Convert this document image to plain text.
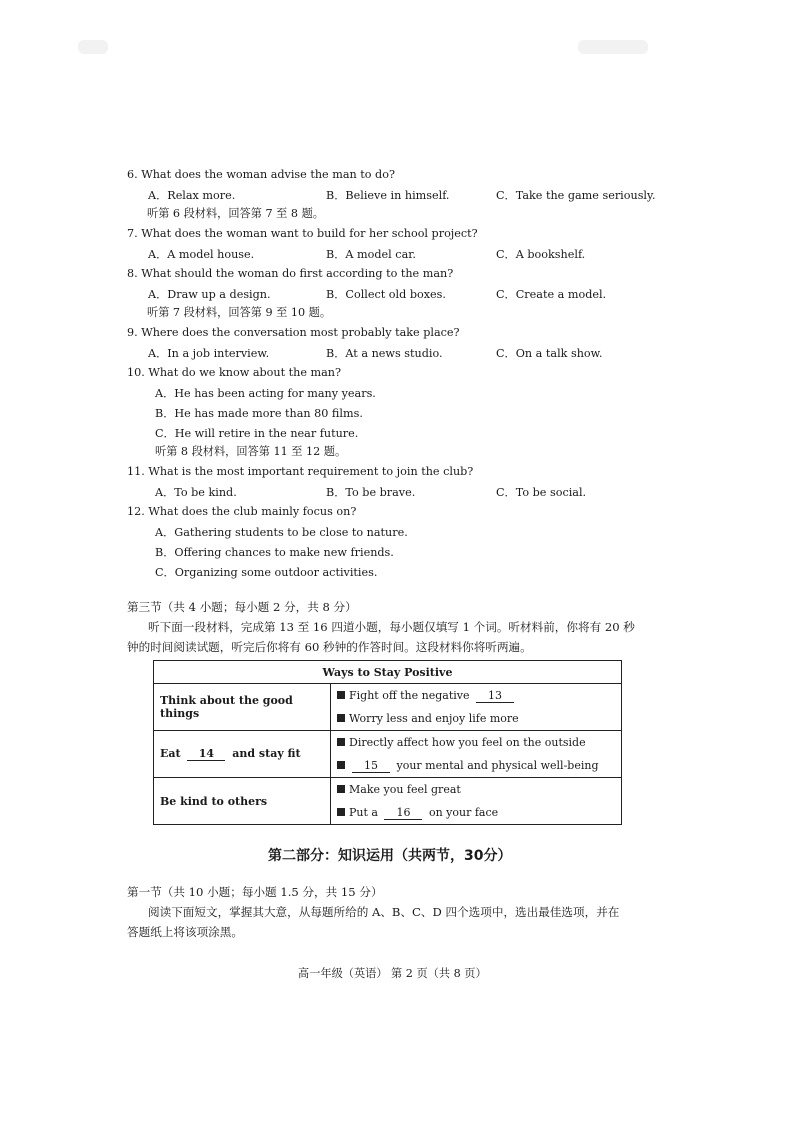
6. What does the woman advise the man to do?
A．Relax more.	B．Believe in himself.	C．Take the game seriously.
听第 6 段材料，回答第 7 至 8 题。
7. What does the woman want to build for her school project?
A．A model house.	B．A model car.	C．A bookshelf.
8. What should the woman do first according to the man?
A．Draw up a design.	B．Collect old boxes.	C．Create a model.
听第 7 段材料，回答第 9 至 10 题。
9. Where does the conversation most probably take place?
A．In a job interview.	B．At a news studio.	C．On a talk show.
10. What do we know about the man?
A．He has been acting for many years.
B．He has made more than 80 films.
C．He will retire in the near future.
听第 8 段材料，回答第 11 至 12 题。
11. What is the most important requirement to join the club?
A．To be kind.	B．To be brave.	C．To be social.
12. What does the club mainly focus on?
A．Gathering students to be close to nature.
B．Offering chances to make new friends.
C．Organizing some outdoor activities.
第三节（共 4 小题；每小题 2 分，共 8 分）
听下面一段材料，完成第 13 至 16 四道小题，每小题仅填写 1 个词。听材料前，你将有 20 秒
钟的时间阅读试题，听完后你将有 60 秒钟的作答时间。这段材料你将听两遍。
Ways to Stay Positive	
Think about the good things	Fight off the negative 13
Worry less and enjoy life more

Eat 14 and stay fit	Directly affect how you feel on the outside
15 your mental and physical well-being

Be kind to others	Make you feel great
Put a 16 on your face
第二部分：知识运用（共两节，30分）
第一节（共 10 小题；每小题 1.5 分，共 15 分）
阅读下面短文，掌握其大意，从每题所给的 A、B、C、D 四个选项中，选出最佳选项，并在
答题纸上将该项涂黑。
高一年级（英语） 第 2 页（共 8 页）
